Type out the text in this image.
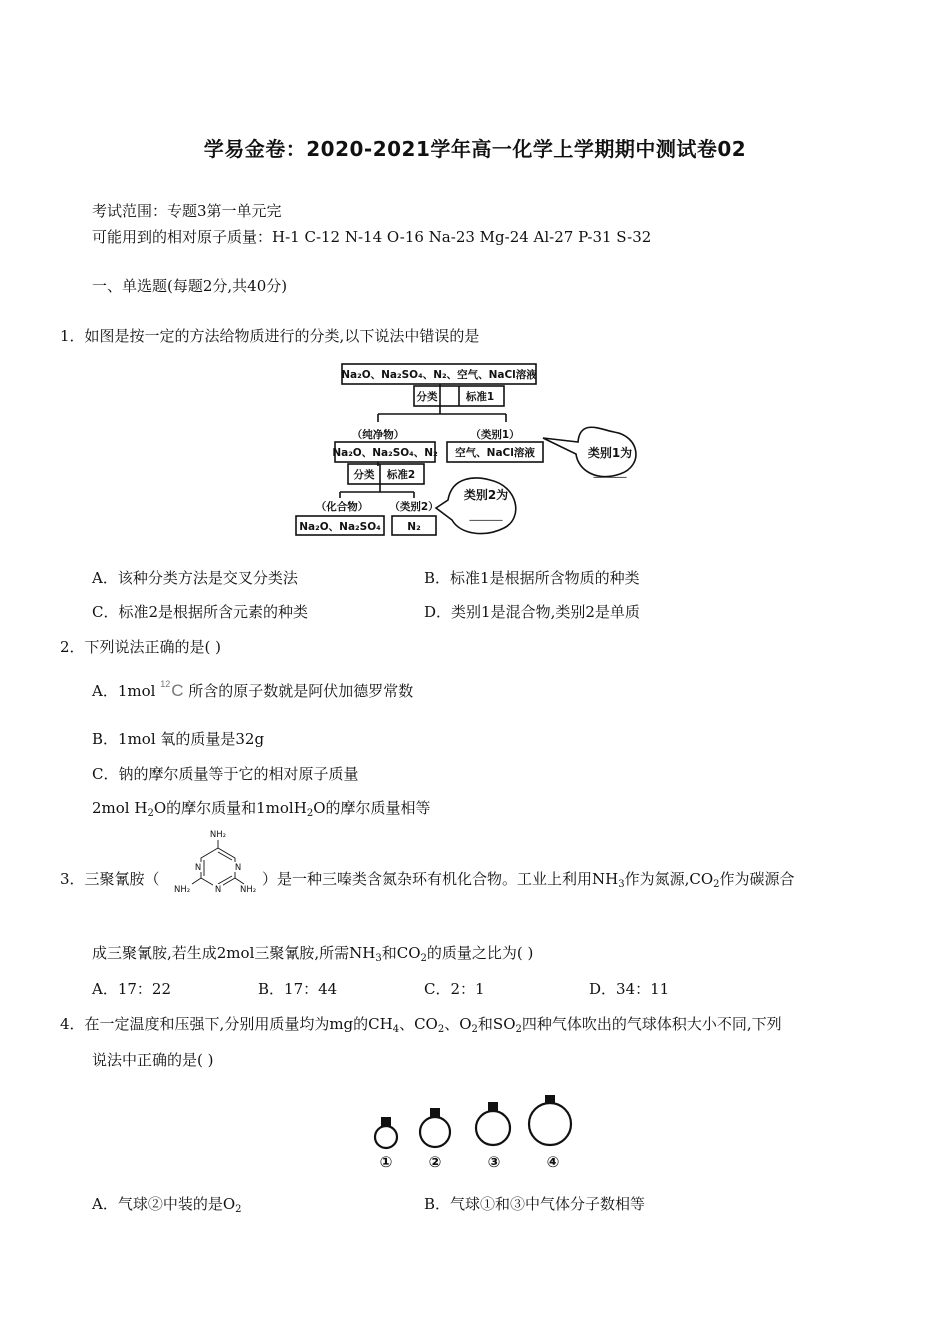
学易金卷：2020-2021学年高一化学上学期期中测试卷02
考试范围：专题3第一单元完
可能用到的相对原子质量：H-1 C-12 N-14 O-16 Na-23 Mg-24 Al-27 P-31 S-32
一、单选题(每题2分,共40分)
1．如图是按一定的方法给物质进行的分类,以下说法中错误的是
Na₂O、Na₂SO₄、N₂、空气、NaCl溶液
分类	标准1
（纯净物）	（类别1）
Na₂O、Na₂SO₄、N₂ 空气、NaCl溶液
分类 标准2
（化合物） （类别2）
Na₂O、Na₂SO₄	N₂
类别1为
______
类别2为
______
A．该种分类方法是交叉分类法	B．标准1是根据所含物质的种类
C．标准2是根据所含元素的种类	D．类别1是混合物,类别2是单质
2．下列说法正确的是( )
A．1mol $^{12}$C 所含的原子数就是阿伏加德罗常数
B．1mol 氧的质量是32g
C．钠的摩尔质量等于它的相对原子质量
2mol $H_2O$的摩尔质量和1molH$_2$O的摩尔质量相等
3．三聚氰胺（
NH₂
NH₂	NH₂
N	N
N
）是一种三嗪类含氮杂环有机化合物。工业上利用$NH_3$作为氮源$,CO_2$作为碳源合
成三聚氰胺,若生成2mol三聚氰胺,所需$NH_3$和$CO_2$的质量之比为( )
A．17：22	B．17：44	C．2：1	D．34：11
4．在一定温度和压强下,分别用质量均为mg的$CH_4$、$CO_2$、$O_2$和$SO_2$四种气体吹出的气球体积大小不同,下列
说法中正确的是( )
① ②	③	④
A．气球②中装的是$O_2$	B．气球①和③中气体分子数相等
